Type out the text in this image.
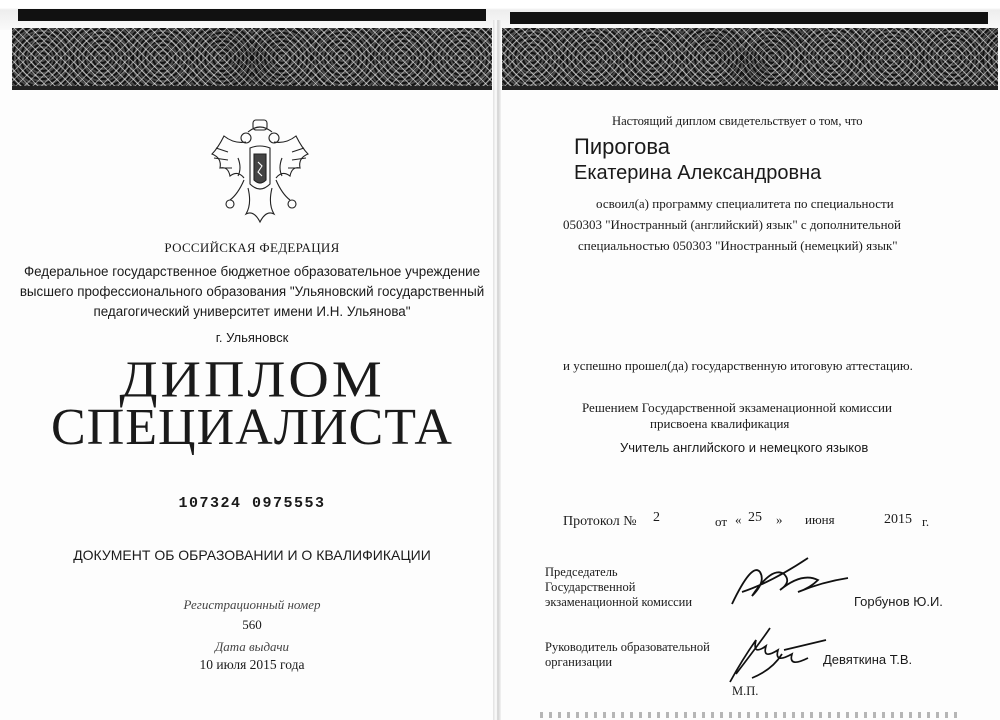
РОССИЙСКАЯ ФЕДЕРАЦИЯ
Федеральное государственное бюджетное образовательное учреждение
высшего профессионального образования "Ульяновский государственный
педагогический университет имени И.Н. Ульянова"
г. Ульяновск
ДИПЛОМ
СПЕЦИАЛИСТА
107324 0975553
ДОКУМЕНТ ОБ ОБРАЗОВАНИИ И О КВАЛИФИКАЦИИ
Регистрационный номер
560
Дата выдачи
10 июля 2015 года
Настоящий диплом свидетельствует о том, что
Пирогова
Екатерина Александровна
освоил(а) программу специалитета по специальности
050303 "Иностранный (английский) язык" с дополнительной
специальностью 050303 "Иностранный (немецкий) язык"
и успешно прошел(да) государственную итоговую аттестацию.
Решением Государственной экзаменационной комиссии
присвоена квалификация
Учитель английского и немецкого языков
Протокол № 2	от « 25 » июня	2015 г.
Председатель
Государственной
экзаменационной комиссии	Горбунов Ю.И.
Руководитель образовательной
организации	Девяткина Т.В.
М.П.
